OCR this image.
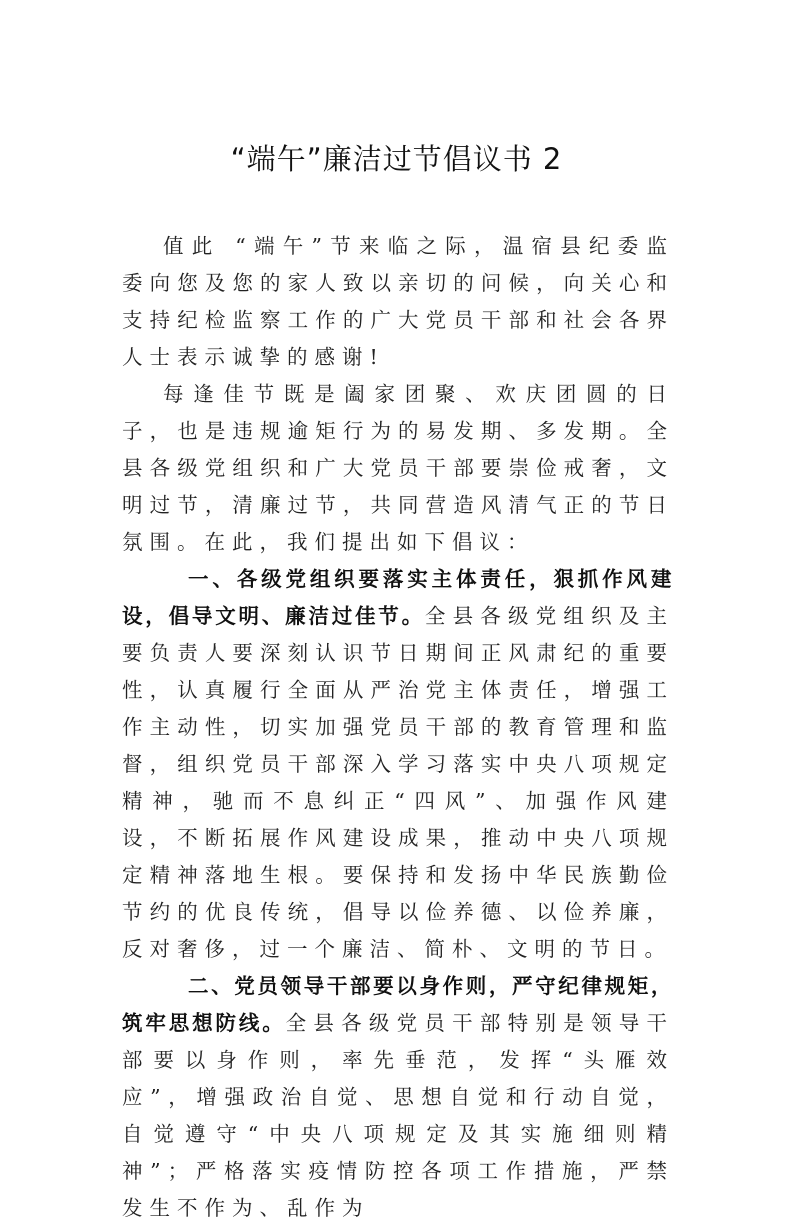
“端午”廉洁过节倡议书 2

值此 “端午”节来临之际，温宿县纪委监委向您及您的家人致以亲切的问候，向关心和支持纪检监察工作的广大党员干部和社会各界人士表示诚挚的感谢!

每逢佳节既是阖家团聚、欢庆团圆的日子，也是违规逾矩行为的易发期、多发期。全县各级党组织和广大党员干部要崇俭戒奢，文明过节，清廉过节，共同营造风清气正的节日氛围。在此，我们提出如下倡议：

一、各级党组织要落实主体责任，狠抓作风建设，倡导文明、廉洁过佳节。全县各级党组织及主要负责人要深刻认识节日期间正风肃纪的重要性，认真履行全面从严治党主体责任，增强工作主动性，切实加强党员干部的教育管理和监督，组织党员干部深入学习落实中央八项规定精神，驰而不息纠正“四风”、加强作风建设，不断拓展作风建设成果，推动中央八项规定精神落地生根。要保持和发扬中华民族勤俭节约的优良传统，倡导以俭养德、以俭养廉，反对奢侈，过一个廉洁、简朴、文明的节日。

二、党员领导干部要以身作则，严守纪律规矩，筑牢思想防线。全县各级党员干部特别是领导干部要以身作则，率先垂范，发挥“头雁效应”，增强政治自觉、思想自觉和行动自觉，自觉遵守“中央八项规定及其实施细则精神”；严格落实疫情防控各项工作措施，严禁发生不作为、乱作为
